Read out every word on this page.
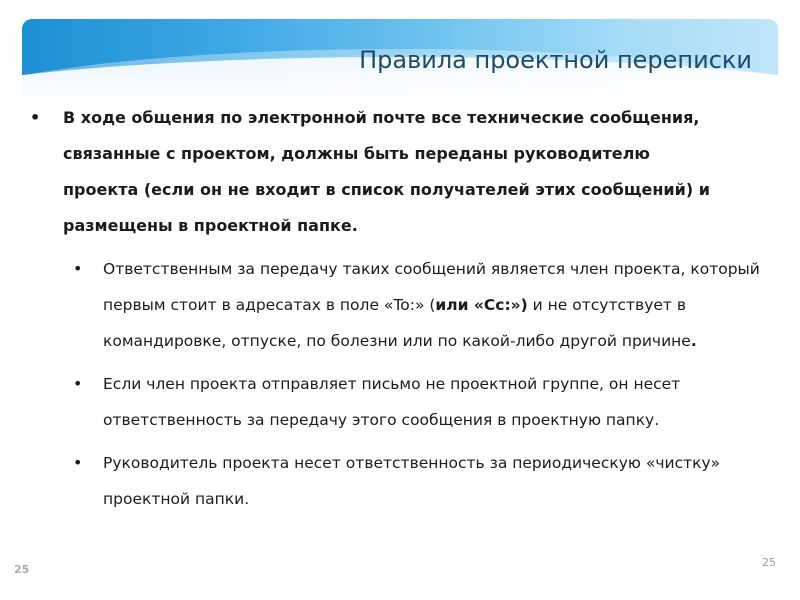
Правила проектной переписки
• В ходе общения по электронной почте все технические сообщения, связанные с проектом, должны быть переданы руководителю проекта (если он не входит в список получателей этих сообщений) и размещены в проектной папке.
• Ответственным за передачу таких сообщений является член проекта, который первым стоит в адресатах в поле «To:» (или «Cc:») и не отсутствует в командировке, отпуске, по болезни или по какой-либо другой причине.
• Если член проекта отправляет письмо не проектной группе, он несет ответственность за передачу этого сообщения в проектную папку.
• Руководитель проекта несет ответственность за периодическую «чистку» проектной папки.
25
25
